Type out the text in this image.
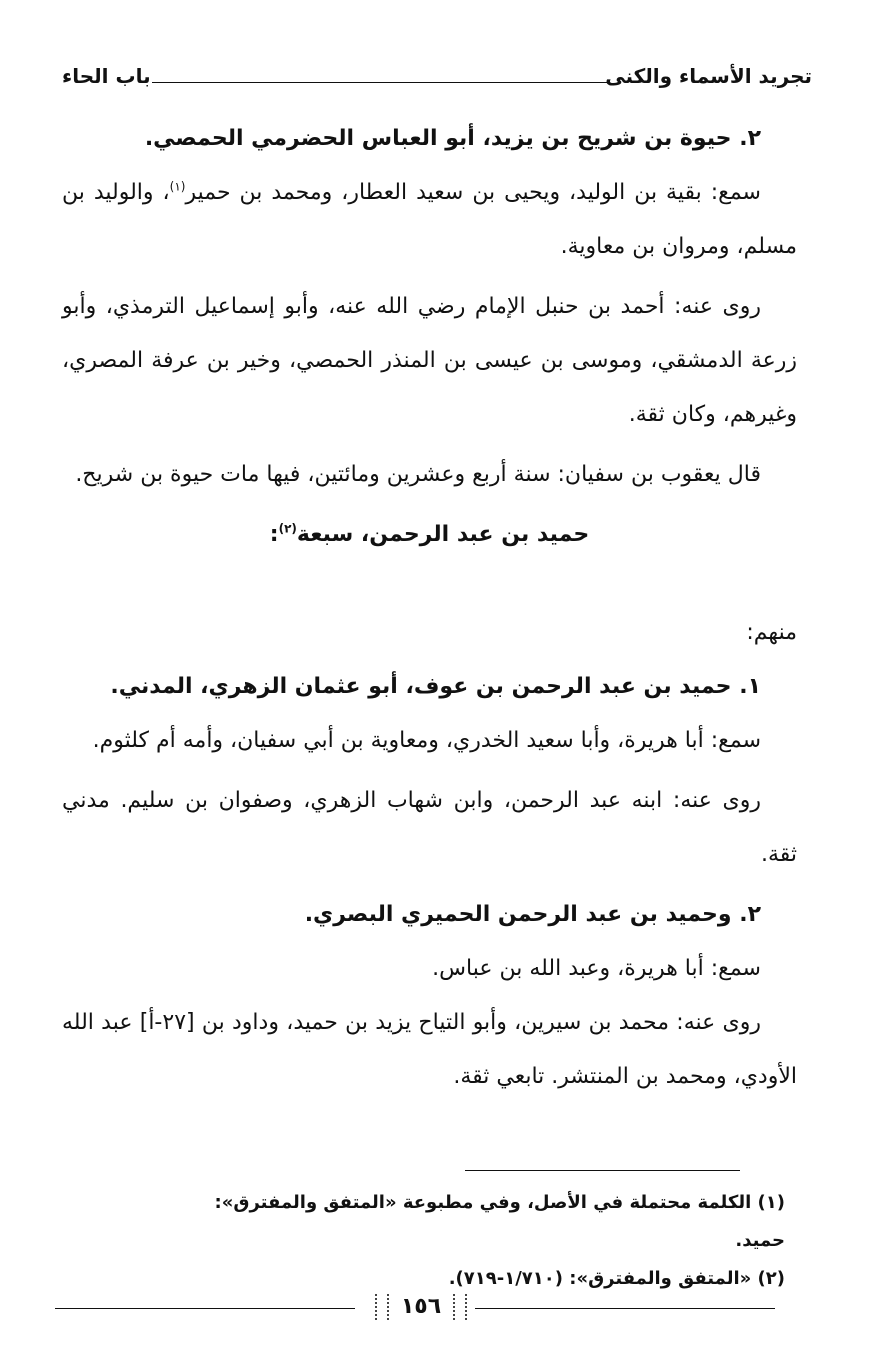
تجريد الأسماء والكنى
باب الحاء

٢. حيوة بن شريح بن يزيد، أبو العباس الحضرمي الحمصي.

سمع: بقية بن الوليد، ويحيى بن سعيد العطار، ومحمد بن حمير$^{(١)}$، والوليد بن مسلم، ومروان بن معاوية.

روى عنه: أحمد بن حنبل الإمام رضي الله عنه، وأبو إسماعيل الترمذي، وأبو زرعة الدمشقي، وموسى بن عيسى بن المنذر الحمصي، وخير بن عرفة المصري، وغيرهم، وكان ثقة.

قال يعقوب بن سفيان: سنة أربع وعشرين ومائتين، فيها مات حيوة بن شريح.

حميد بن عبد الرحمن، سبعة$^{(٢)}$:

منهم:

١. حميد بن عبد الرحمن بن عوف، أبو عثمان الزهري، المدني.

سمع: أبا هريرة، وأبا سعيد الخدري، ومعاوية بن أبي سفيان، وأمه أم كلثوم.

روى عنه: ابنه عبد الرحمن، وابن شهاب الزهري، وصفوان بن سليم. مدني ثقة.

٢. وحميد بن عبد الرحمن الحميري البصري.

سمع: أبا هريرة، وعبد الله بن عباس.

روى عنه: محمد بن سيرين، وأبو التياح يزيد بن حميد، وداود بن [٢٧-أ] عبد الله الأودي، ومحمد بن المنتشر. تابعي ثقة.

(١) الكلمة محتملة في الأصل، وفي مطبوعة «المتفق والمفترق»: حميد.

(٢) «المتفق والمفترق»: (١/٧١٠-٧١٩).

١٥٦
